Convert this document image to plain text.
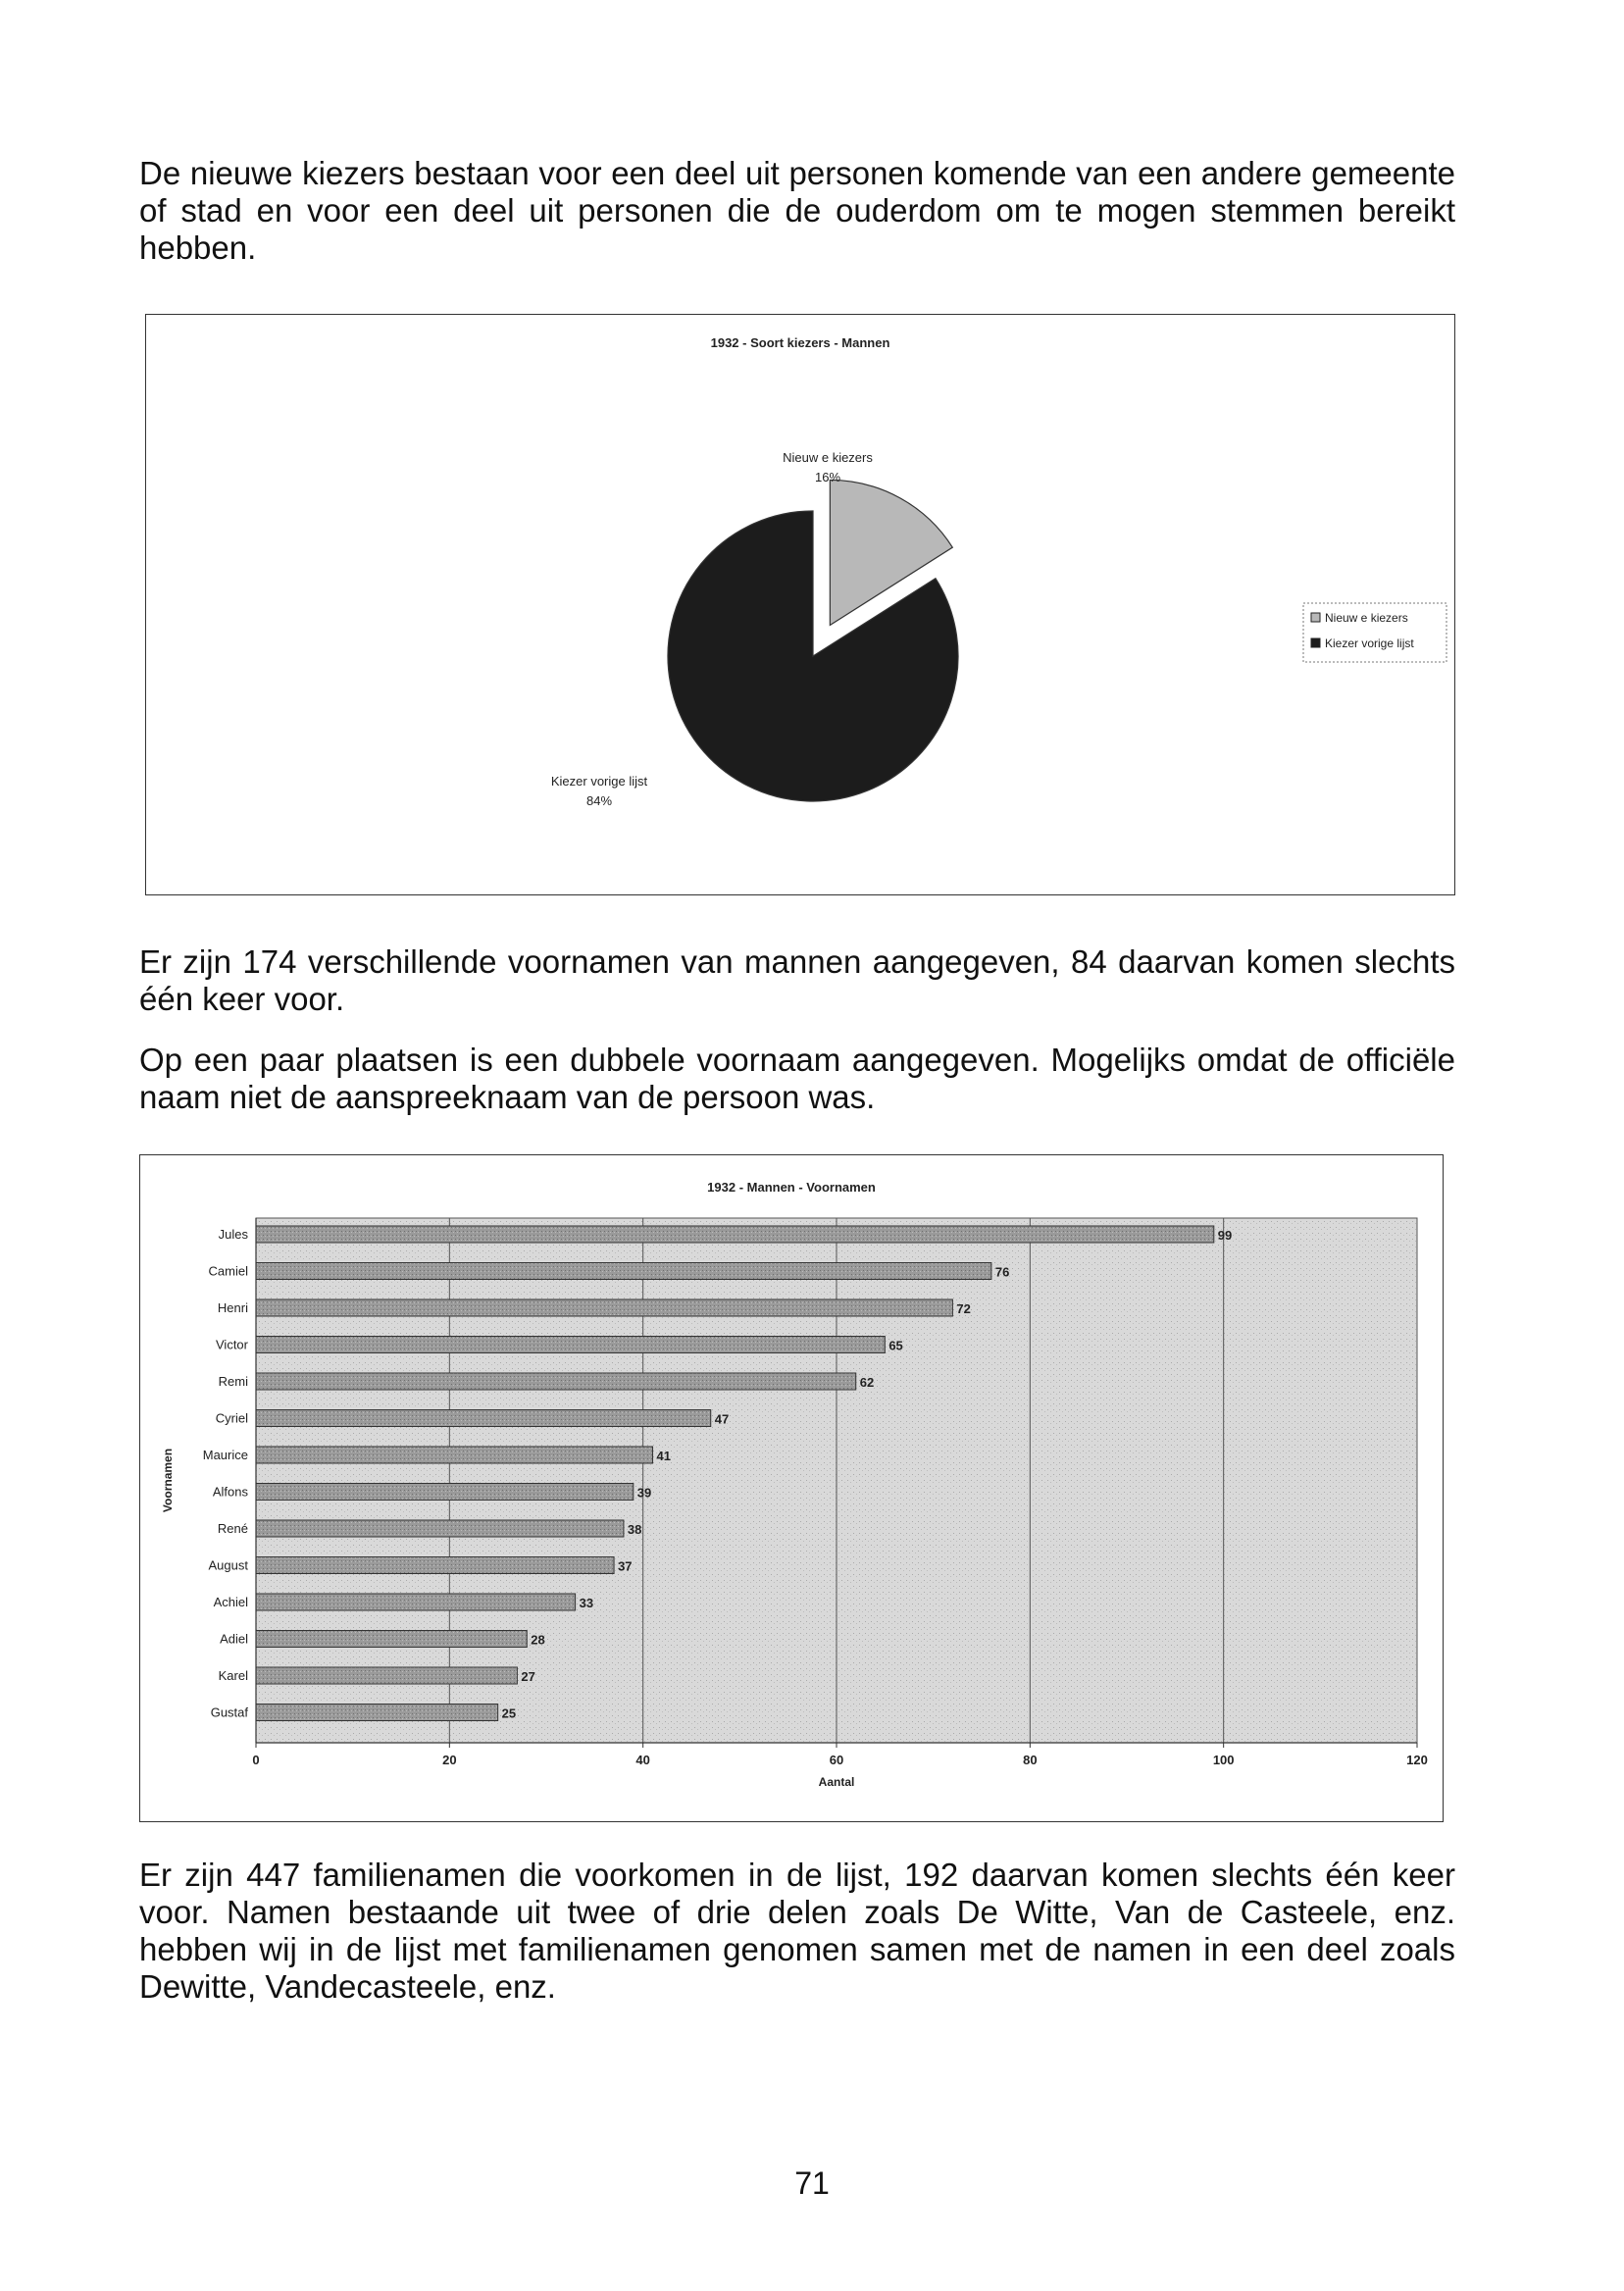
De nieuwe kiezers bestaan voor een deel uit personen komende van een andere gemeente of stad en voor een deel uit personen die de ouderdom om te mogen stemmen bereikt hebben.

1932 - Soort kiezers - Mannen
Nieuw e kiezers
16%
Kiezer vorige lijst
84%
Nieuw e kiezers
Kiezer vorige lijst

Er zijn 174 verschillende voornamen van mannen aangegeven, 84 daarvan komen slechts één keer voor.

Op een paar plaatsen is een dubbele voornaam aangegeven. Mogelijks omdat de officiële naam niet de aanspreeknaam van de persoon was.

1932 - Mannen - Voornamen
0	20	40	60	80	100	120
Jules	99
Camiel	76
Henri	72
Victor	65
Remi	62
Cyriel	47
Maurice	41
Alfons	39
René	38
August	37
Achiel	33
Adiel	28
Karel	27
Gustaf	25
Aantal
Voornamen

Er zijn 447 familienamen die voorkomen in de lijst, 192 daarvan komen slechts één keer voor. Namen bestaande uit twee of drie delen zoals De Witte, Van de Casteele, enz. hebben wij in de lijst met familienamen genomen samen met de namen in een deel zoals Dewitte, Vandecasteele, enz.

71
